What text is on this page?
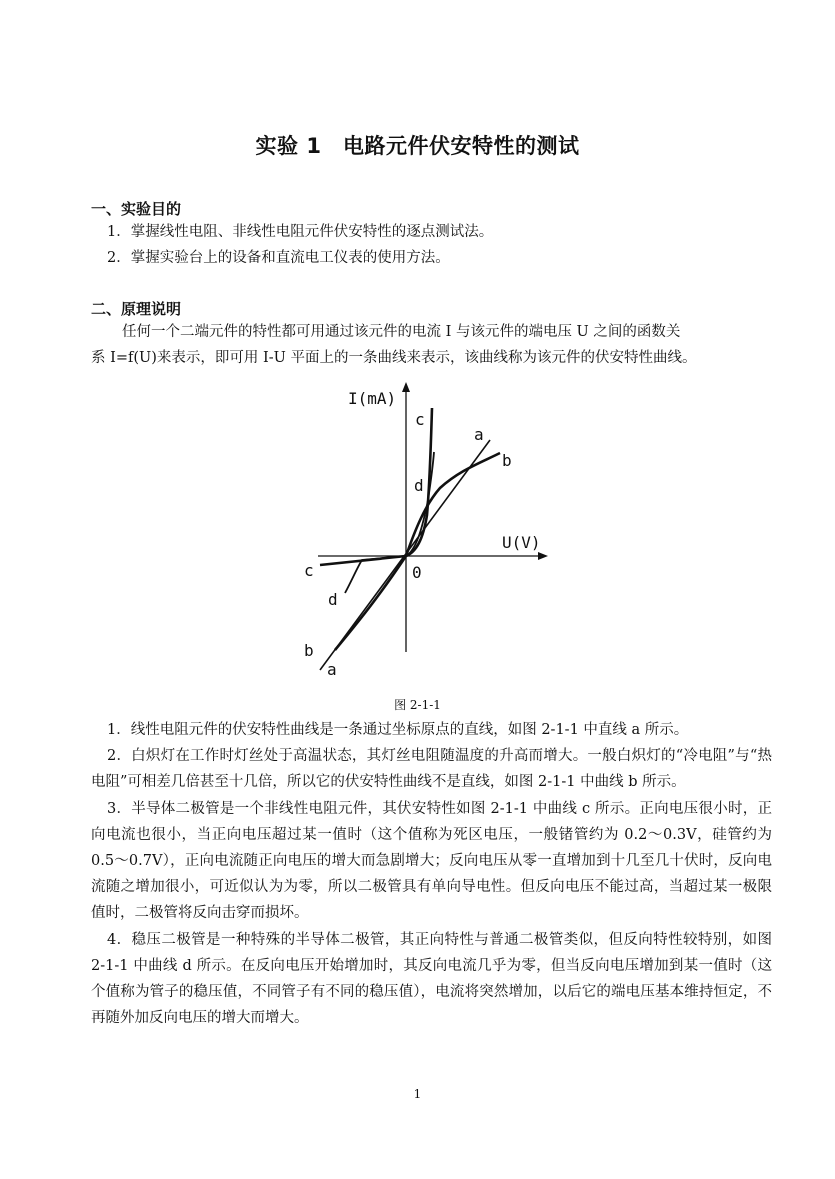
实验 1　电路元件伏安特性的测试
一、实验目的
1．掌握线性电阻、非线性电阻元件伏安特性的逐点测试法。
2．掌握实验台上的设备和直流电工仪表的使用方法。
二、原理说明
任何一个二端元件的特性都可用通过该元件的电流 I 与该元件的端电压 U 之间的函数关
系 I=f(U)来表示，即可用 I-U 平面上的一条曲线来表示，该曲线称为该元件的伏安特性曲线。
I(mA)
U(V)
0
c
a
b
d
c
d
b
a
图 2-1-1

1．线性电阻元件的伏安特性曲线是一条通过坐标原点的直线，如图 2-1-1 中直线 a 所示。

2．白炽灯在工作时灯丝处于高温状态，其灯丝电阻随温度的升高而增大。一般白炽灯的“冷电阻”与“热电阻”可相差几倍甚至十几倍，所以它的伏安特性曲线不是直线，如图 2-1-1 中曲线 b 所示。

3．半导体二极管是一个非线性电阻元件，其伏安特性如图 2-1-1 中曲线 c 所示。正向电压很小时，正向电流也很小，当正向电压超过某一值时（这个值称为死区电压，一般锗管约为 0.2～0.3V，硅管约为 0.5～0.7V），正向电流随正向电压的增大而急剧增大；反向电压从零一直增加到十几至几十伏时，反向电流随之增加很小，可近似认为为零，所以二极管具有单向导电性。但反向电压不能过高，当超过某一极限值时，二极管将反向击穿而损坏。

4．稳压二极管是一种特殊的半导体二极管，其正向特性与普通二极管类似，但反向特性较特别，如图 2-1-1 中曲线 d 所示。在反向电压开始增加时，其反向电流几乎为零，但当反向电压增加到某一值时（这个值称为管子的稳压值，不同管子有不同的稳压值），电流将突然增加，以后它的端电压基本维持恒定，不再随外加反向电压的增大而增大。

1
